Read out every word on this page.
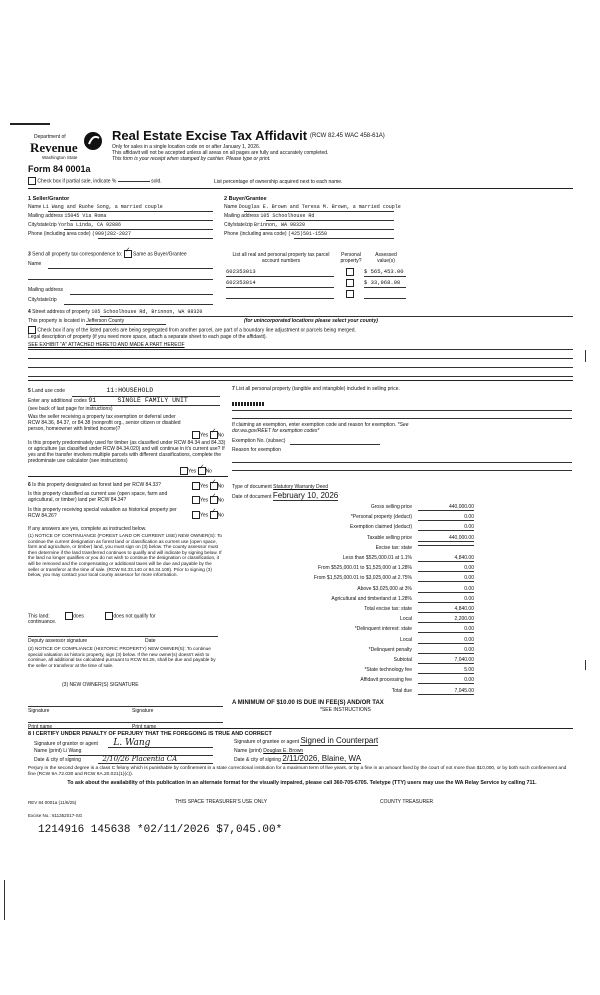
Department of
Revenue
Washington State
Form 84 0001a
Real Estate Excise Tax Affidavit (RCW 82.45 WAC 458-61A)
Only for sales in a single location code on or after January 1, 2026.
This affidavit will not be accepted unless all areas on all pages are fully and accurately completed.
This form is your receipt when stamped by cashier. Please type or print.
Check box if partial sale, indicate %	sold.	List percentage of ownership acquired next to each name.
1 Seller/Grantor
Name Li Wang and Ruohe Song, a married couple
Mailing address 15045 Via Roma
City/state/zip Yorba Linda, CA 92886
Phone (including area code) (909)282-2027
2 Buyer/Grantee
Name Douglas E. Brown and Teresa M. Brown, a married couple
Mailing address 105 Schoolhouse Rd
City/state/zip Brinnon, WA 98320
Phone (including area code) (425)501-1550
3 Send all property tax correspondence to: ✓ Same as Buyer/Grantee
Name
Mailing address
City/state/zip
List all real and personal property tax parcel account numbers
Personal property?
Assessed value(s)
602353013	$ 565,453.00
602353014	$ 33,968.00
4 Street address of property 105 Schoolhouse Rd, Brinnon, WA 98320
This property is located in Jefferson County	(for unincorporated locations please select your county)
Check box if any of the listed parcels are being segregated from another parcel, are part of a boundary line adjustment or parcels being merged.
Legal description of property (if you need more space, attach a separate sheet to each page of the affidavit).
SEE EXHIBIT "A" ATTACHED HERETO AND MADE A PART HEREOF
5 Land use code	11:HOUSEHOLD
Enter any additional codes 91	SINGLE FAMILY UNIT
(see back of last page for instructions)
Was the seller receiving a property tax exemption or deferral under RCW 84.36, 84.37, or 84.38 (nonprofit org., senior citizen or disabled person, homeowner with limited income)?
Yes ✓ No
Is this property predominately used for timber (as classified under RCW 84.34 and 84.33) or agriculture (as classified under RCW 84.34.020) and will continue in it's current use? If yes and the transfer involves multiple parcels with different classifications, complete the predominate use calculator (see instructions)
Yes ✓ No
6 Is this property designated as forest land per RCW 84.33?	Yes ✓ No
Is this property classified as current use (open space, farm and agricultural, or timber) land per RCW 84.34?	Yes ✓ No
Is this property receiving special valuation as historical property per RCW 84.26?	Yes ✓ No
If any answers are yes, complete as instructed below.
(1) NOTICE OF CONTINUANCE (FOREST LAND OR CURRENT USE) NEW OWNER(S): To continue the current designation as forest land or classification as current use (open space, farm and agriculture, or timber) land, you must sign on (3) below. The county assessor must then determine if the land transferred continues to qualify and will indicate by signing below. If the land no longer qualifies or you do not wish to continue the designation or classification, it will be removed and the compensating or additional taxes will be due and payable by the seller or transferor at the time of sale. (RCW 84.33.140 or 84.34.108). Prior to signing (3) below, you may contact your local county assessor for more information.
This land:	does	does not qualify for
continuance.
Deputy assessor signature	Date
(2) NOTICE OF COMPLIANCE (HISTORIC PROPERTY) NEW OWNER(S): To continue special valuation as historic property, sign (3) below. If the new owner(s) doesn't wish to continue, all additional tax calculated pursuant to RCW 84.26, shall be due and payable by the seller or transferor at the time of sale.
(3) NEW OWNER(S) SIGNATURE
Signature	Signature
Print name	Print name
7 List all personal property (tangible and intangible) included in selling price.
If claiming an exemption, enter exemption code and reason for exemption. *See dor.wa.gov/REET for exemption codes*
Exemption No. (subsec)
Reason for exemption
Type of document Statutory Warranty Deed
Date of document February 10, 2026
Gross selling price	440,000.00
*Personal property (deduct)	0.00
Exemption claimed (deduct)	0.00
Taxable selling price	440,000.00
Excise tax: state
Less than $525,000.01 at 1.1%	4,840.00
From $525,000.01 to $1,525,000 at 1.28%	0.00
From $1,525,000.01 to $3,025,000 at 2.75%	0.00
Above $3,025,000 at 3%	0.00
Agricultural and timberland at 1.28%	0.00
Total excise tax: state	4,840.00
Local	2,200.00
*Delinquent interest: state	0.00
Local	0.00
*Delinquent penalty	0.00
Subtotal	7,040.00
*State technology fee	5.00
Affidavit processing fee	0.00
Total due	7,045.00
A MINIMUM OF $10.00 IS DUE IN FEE(S) AND/OR TAX
*SEE INSTRUCTIONS
8 I CERTIFY UNDER PENALTY OF PERJURY THAT THE FOREGOING IS TRUE AND CORRECT
Signature of grantor or agent L. Wang
Name (print) Li Wang
Date & city of signing	2/10/26 Placentia CA
Signature of grantee or agent Signed in Counterpart
Name (print) Douglas E. Brown
Date & city of signing 2/11/2026, Blaine, WA
Perjury in the second degree is a class C felony which is punishable by confinement in a state correctional institution for a maximum term of five years, or by a fine in an amount fixed by the court of not more than $10,000, or by both such confinement and fine (RCW 9A.72.030 and RCW 9A.20.021(1)(c)).
To ask about the availability of this publication in an alternate format for the visually impaired, please call 360-705-6705. Teletype (TTY) users may use the WA Relay Service by calling 711.
REV 84 0001a (11/6/25)	THIS SPACE TREASURER'S USE ONLY	COUNTY TREASURER
Excise No.: 611352017-SG
1214916 145638 *02/11/2026 $7,045.00*
